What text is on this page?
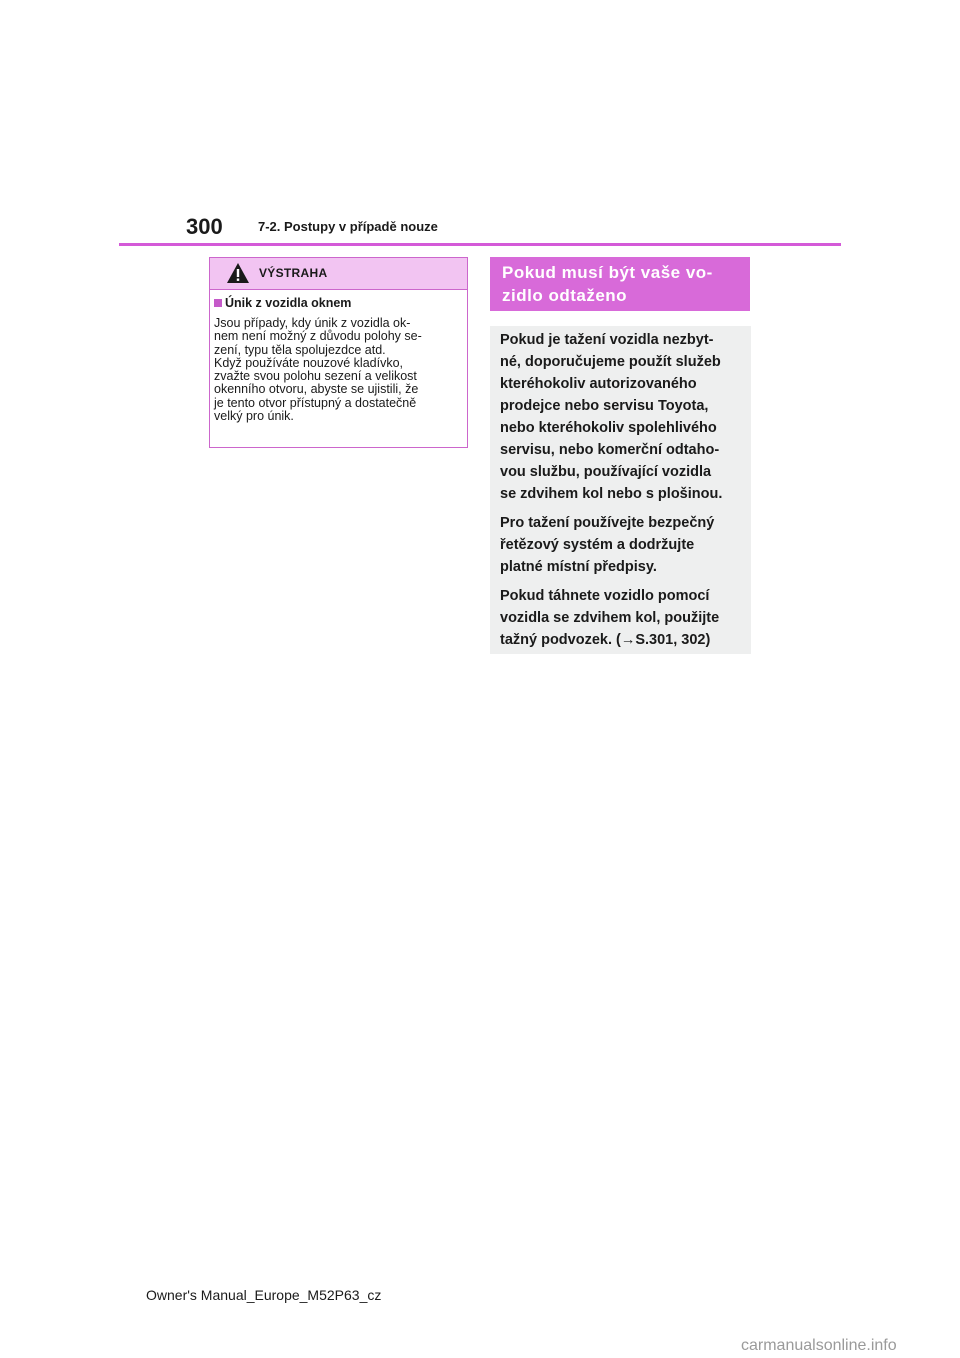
300	7-2. Postupy v případě nouze
VÝSTRAHA
Únik z vozidla oknem
Jsou případy, kdy únik z vozidla ok-
nem není možný z důvodu polohy se-
zení, typu těla spolujezdce atd.
Když používáte nouzové kladívko,
zvažte svou polohu sezení a velikost
okenního otvoru, abyste se ujistili, že
je tento otvor přístupný a dostatečně
velký pro únik.
Pokud musí být vaše vo-
zidlo odtaženo
Pokud je tažení vozidla nezbyt-
né, doporučujeme použít služeb
kteréhokoliv autorizovaného
prodejce nebo servisu Toyota,
nebo kteréhokoliv spolehlivého
servisu, nebo komerční odtaho-
vou službu, používající vozidla
se zdvihem kol nebo s plošinou.
Pro tažení používejte bezpečný
řetězový systém a dodržujte
platné místní předpisy.
Pokud táhnete vozidlo pomocí
vozidla se zdvihem kol, použijte
tažný podvozek. (→S.301, 302)
Owner's Manual_Europe_M52P63_cz
carmanualsonline.info
